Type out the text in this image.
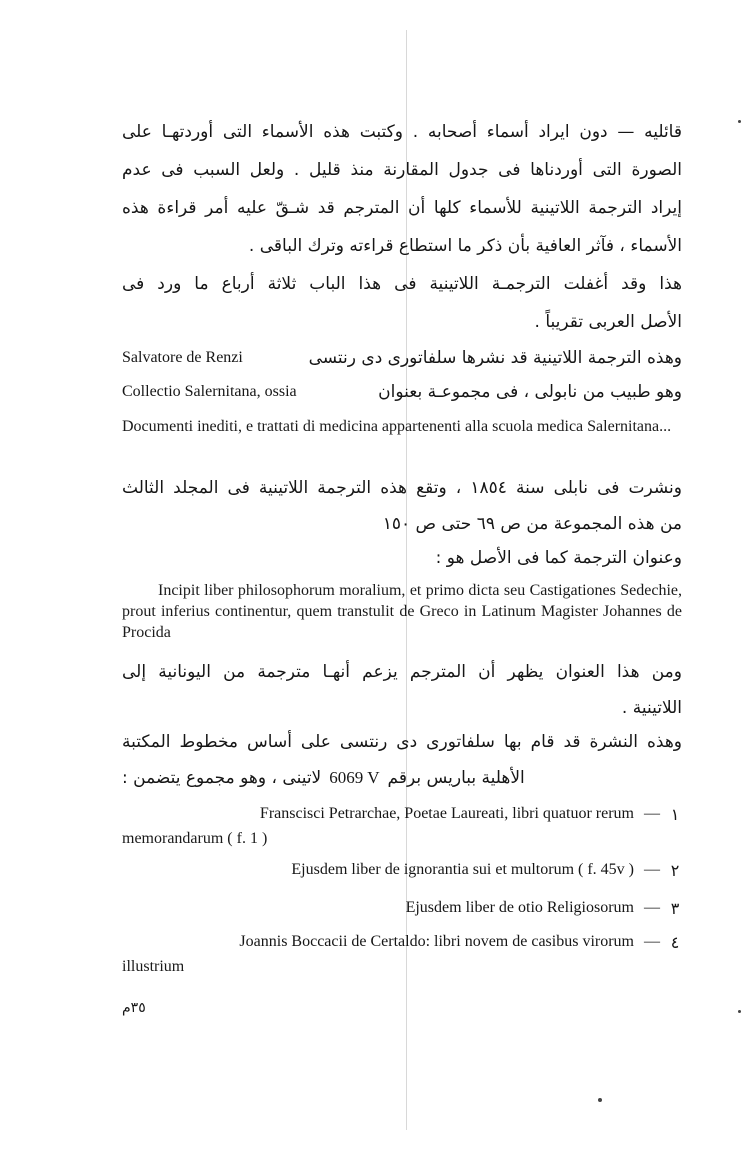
قائليه — دون ايراد أسماء أصحابه . وكتبت هذه الأسماء التى أوردتهـا على

الصورة التى أوردناها فى جدول المقارنة منذ قليل . ولعل السبب فى عدم

إيراد الترجمة اللاتينية للأسماء كلها أن المترجم قد شـقّ عليه أمر قراءة هذه

الأسماء ، فآثر العافية بأن ذكر ما استطاع قراءته وترك الباقى .

هذا وقد أغفلت الترجمـة اللاتينية فى هذا الباب ثلاثة أرباع ما ورد فى

الأصل العربى تقريباً .

Salvatore de Renzi	وهذه الترجمة اللاتينية قد نشرها سلفاتورى دى رنتسى
Collectio Salernitana, ossia	وهو طبيب من نابولى ، فى مجموعـة بعنوان

Documenti inediti, e trattati di medicina appartenenti alla scuola medica Salernitana...

ونشرت فى نابلى سنة ١٨٥٤ ، وتقع هذه الترجمة اللاتينية فى المجلد الثالث

من هذه المجموعة من ص ٦٩ حتى ص ١٥٠

وعنوان الترجمة كما فى الأصل هو :

Incipit liber philosophorum moralium, et primo dicta seu Castigationes Sedechie, prout inferius continentur, quem transtulit de Greco in Latinum Magister Johannes de Procida

ومن هذا العنوان يظهر أن المترجم يزعم أنهـا مترجمة من اليونانية إلى

اللاتينية .

وهذه النشرة قد قام بها سلفاتورى دى رنتسى على أساس مخطوط المكتبة

الأهلية بباريس برقم
6069 V
لاتينى ، وهو مجموع يتضمن :
Franscisci Petrarchae, Poetae Laureati, libri quatuor rerum — ١

memorandarum ( f. 1 )

Ejusdem liber de ignorantia sui et multorum ( f. 45v ) — ٢
Ejusdem liber de otio Religiosorum — ٣
Joannis Boccacii de Certaldo: libri novem de casibus virorum — ٤

illustrium

٣٥م
